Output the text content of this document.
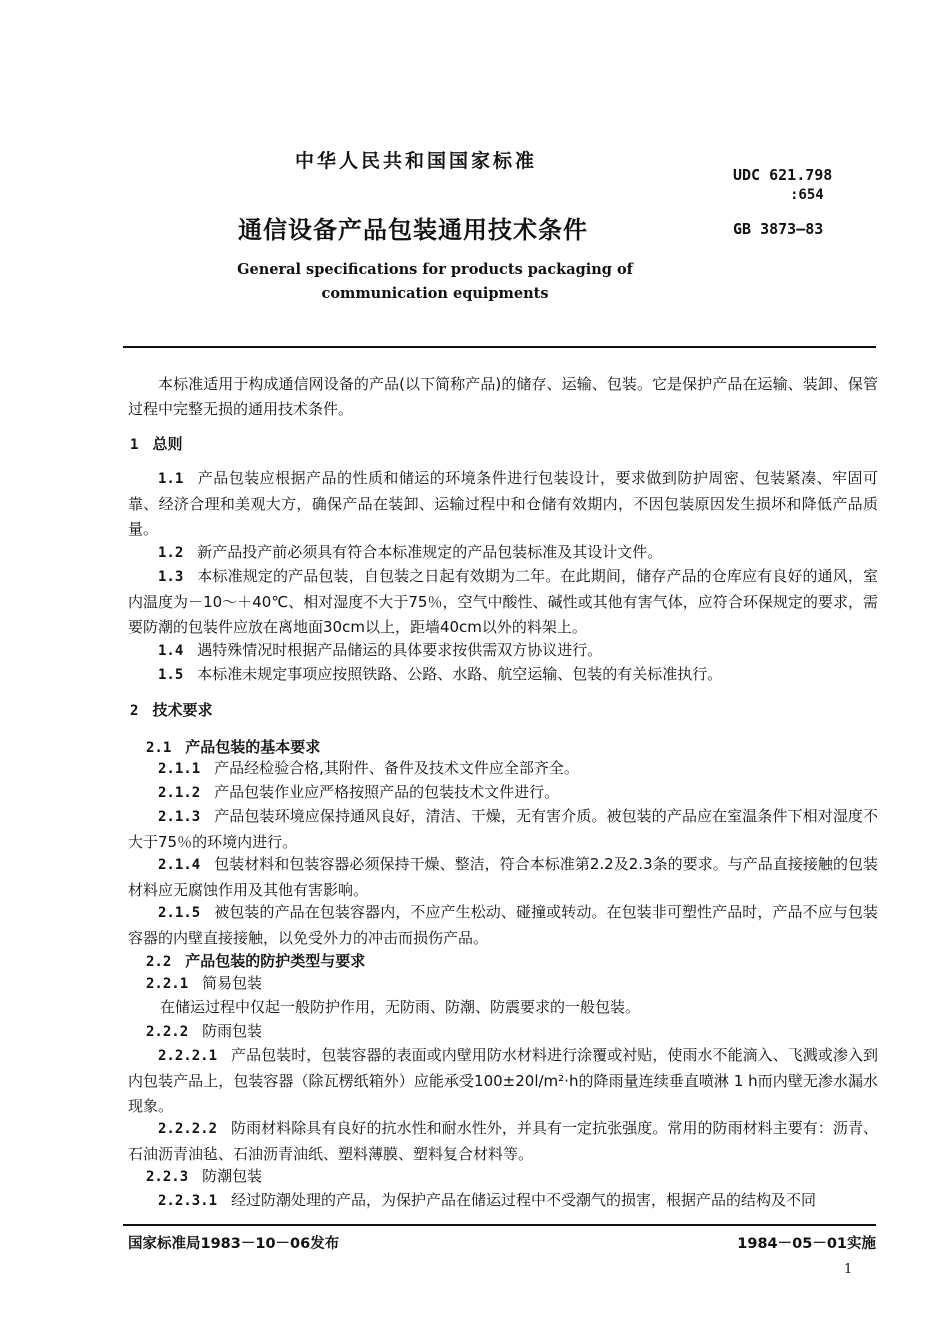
中华人民共和国国家标准
UDC 621.798
:654
通信设备产品包装通用技术条件	GB 3873—83
General specifications for products packaging of
communication equipments
本标准适用于构成通信网设备的产品(以下简称产品)的储存、运输、包装。它是保护产品在运输、装卸、保管过程中完整无损的通用技术条件。
1 总则
1.1 产品包装应根据产品的性质和储运的环境条件进行包装设计，要求做到防护周密、包装紧凑、牢固可靠、经济合理和美观大方，确保产品在装卸、运输过程中和仓储有效期内，不因包装原因发生损坏和降低产品质量。
1.2 新产品投产前必须具有符合本标准规定的产品包装标准及其设计文件。
1.3 本标准规定的产品包装，自包装之日起有效期为二年。在此期间，储存产品的仓库应有良好的通风，室内温度为－10～＋40℃、相对湿度不大于75％，空气中酸性、碱性或其他有害气体，应符合环保规定的要求，需要防潮的包装件应放在离地面30cm以上，距墙40cm以外的料架上。
1.4 遇特殊情况时根据产品储运的具体要求按供需双方协议进行。
1.5 本标准未规定事项应按照铁路、公路、水路、航空运输、包装的有关标准执行。
2 技术要求
2.1 产品包装的基本要求
2.1.1 产品经检验合格,其附件、备件及技术文件应全部齐全。
2.1.2 产品包装作业应严格按照产品的包装技术文件进行。
2.1.3 产品包装环境应保持通风良好，清洁、干燥，无有害介质。被包装的产品应在室温条件下相对湿度不大于75％的环境内进行。
2.1.4 包装材料和包装容器必须保持干燥、整洁，符合本标准第2.2及2.3条的要求。与产品直接接触的包装材料应无腐蚀作用及其他有害影响。
2.1.5 被包装的产品在包装容器内，不应产生松动、碰撞或转动。在包装非可塑性产品时，产品不应与包装容器的内壁直接接触，以免受外力的冲击而损伤产品。
2.2 产品包装的防护类型与要求
2.2.1 简易包装
在储运过程中仅起一般防护作用，无防雨、防潮、防震要求的一般包装。
2.2.2 防雨包装
2.2.2.1 产品包装时，包装容器的表面或内壁用防水材料进行涂覆或衬贴，使雨水不能滴入、飞溅或渗入到内包装产品上，包装容器（除瓦楞纸箱外）应能承受100±20l/m²·h的降雨量连续垂直喷淋 1 h而内壁无渗水漏水现象。
2.2.2.2 防雨材料除具有良好的抗水性和耐水性外，并具有一定抗张强度。常用的防雨材料主要有：沥青、石油沥青油毡、石油沥青油纸、塑料薄膜、塑料复合材料等。
2.2.3 防潮包装
2.2.3.1 经过防潮处理的产品，为保护产品在储运过程中不受潮气的损害，根据产品的结构及不同
国家标准局1983－10－06发布	1984－05－01实施
1
